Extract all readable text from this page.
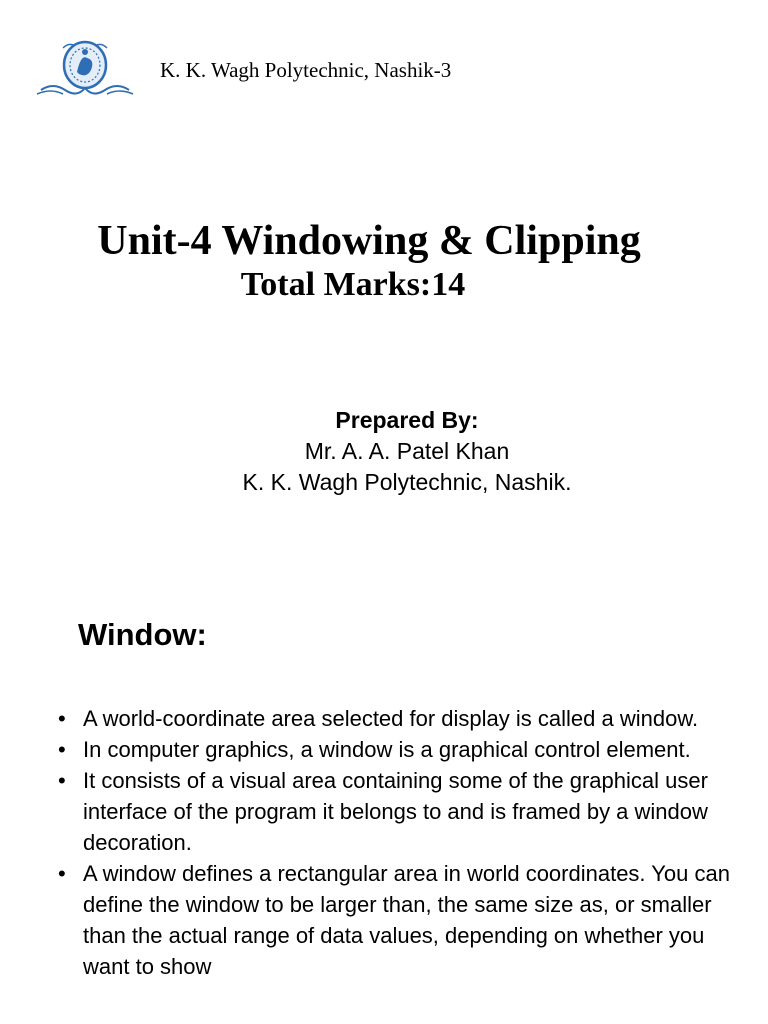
K. K. Wagh Polytechnic, Nashik-3
Unit-4 Windowing & Clipping
Total Marks:14
Prepared By:
Mr. A. A. Patel Khan
K. K. Wagh Polytechnic, Nashik.
Window:
• A world-coordinate area selected for display is called a window.
• In computer graphics, a window is a graphical control element.
• It consists of a visual area containing some of the graphical user interface of the program it belongs to and is framed by a window decoration.
• A window defines a rectangular area in world coordinates. You can define the window to be larger than, the same size as, or smaller than the actual range of data values, depending on whether you want to show
